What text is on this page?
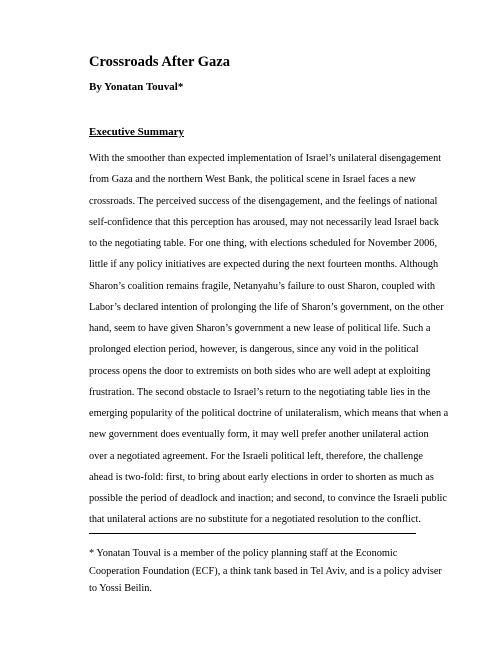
Crossroads After Gaza

By Yonatan Touval*

Executive Summary
With the smoother than expected implementation of Israel’s unilateral disengagement
from Gaza and the northern West Bank, the political scene in Israel faces a new
crossroads. The perceived success of the disengagement, and the feelings of national
self-confidence that this perception has aroused, may not necessarily lead Israel back
to the negotiating table. For one thing, with elections scheduled for November 2006,
little if any policy initiatives are expected during the next fourteen months. Although
Sharon’s coalition remains fragile, Netanyahu’s failure to oust Sharon, coupled with
Labor’s declared intention of prolonging the life of Sharon’s government, on the other
hand, seem to have given Sharon’s government a new lease of political life. Such a
prolonged election period, however, is dangerous, since any void in the political
process opens the door to extremists on both sides who are well adept at exploiting
frustration. The second obstacle to Israel’s return to the negotiating table lies in the
emerging popularity of the political doctrine of unilateralism, which means that when a
new government does eventually form, it may well prefer another unilateral action
over a negotiated agreement. For the Israeli political left, therefore, the challenge
ahead is two-fold: first, to bring about early elections in order to shorten as much as
possible the period of deadlock and inaction; and second, to convince the Israeli public
that unilateral actions are no substitute for a negotiated resolution to the conflict.
* Yonatan Touval is a member of the policy planning staff at the Economic
Cooperation Foundation (ECF), a think tank based in Tel Aviv, and is a policy adviser
to Yossi Beilin.
